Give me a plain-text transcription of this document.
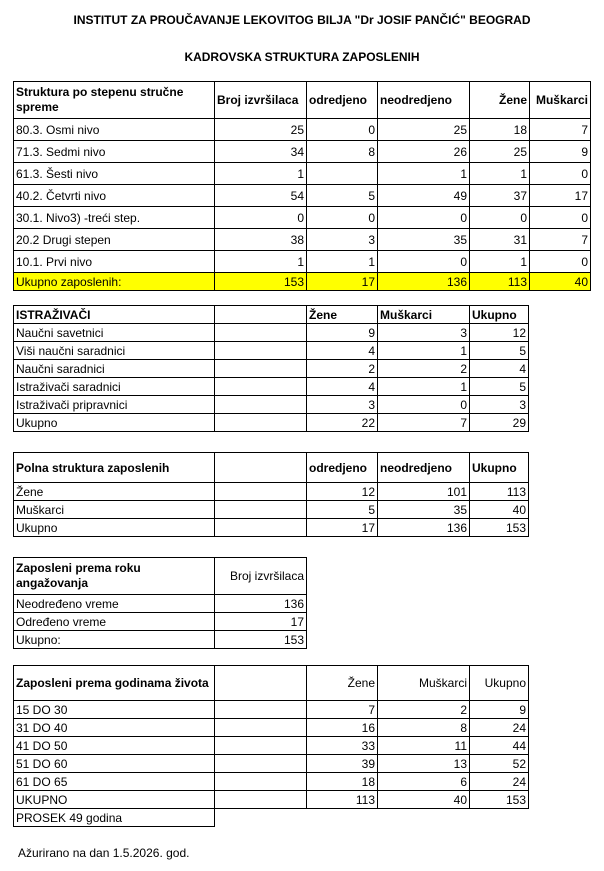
INSTITUT ZA PROUČAVANJE LEKOVITOG BILJA "Dr JOSIF PANČIĆ" BEOGRAD
KADROVSKA STRUKTURA ZAPOSLENIH
Struktura po stepenu stručne spreme	Broj izvršilaca	odredjeno	neodredjeno	Žene	Muškarci
80.3. Osmi nivo	25	0	25	18	7
71.3. Sedmi nivo	34	8	26	25	9
61.3. Šesti nivo	1		1	1	0
40.2. Četvrti nivo	54	5	49	37	17
30.1. Nivo3) -treći step.	0	0	0	0	0
20.2 Drugi stepen	38	3	35	31	7
10.1. Prvi nivo	1	1	0	1	0
Ukupno zaposlenih:	153	17	136	113	40
ISTRAŽIVAČI		Žene	Muškarci	Ukupno
Naučni savetnici		9	3	12
Viši naučni saradnici		4	1	5
Naučni saradnici		2	2	4
Istraživači saradnici		4	1	5
Istraživači pripravnici		3	0	3
Ukupno		22	7	29
Polna struktura zaposlenih		odredjeno	neodredjeno	Ukupno
Žene		12	101	113
Muškarci		5	35	40
Ukupno		17	136	153
Zaposleni prema roku angažovanja	Broj izvršilaca
Neodređeno vreme	136
Određeno vreme	17
Ukupno:	153
Zaposleni prema godinama života		Žene	Muškarci	Ukupno
15 DO 30		7	2	9
31 DO 40		16	8	24
41 DO 50		33	11	44
51 DO 60		39	13	52
61 DO 65		18	6	24
UKUPNO		113	40	153
PROSEK 49 godina				
Ažurirano na dan 1.5.2026. god.
